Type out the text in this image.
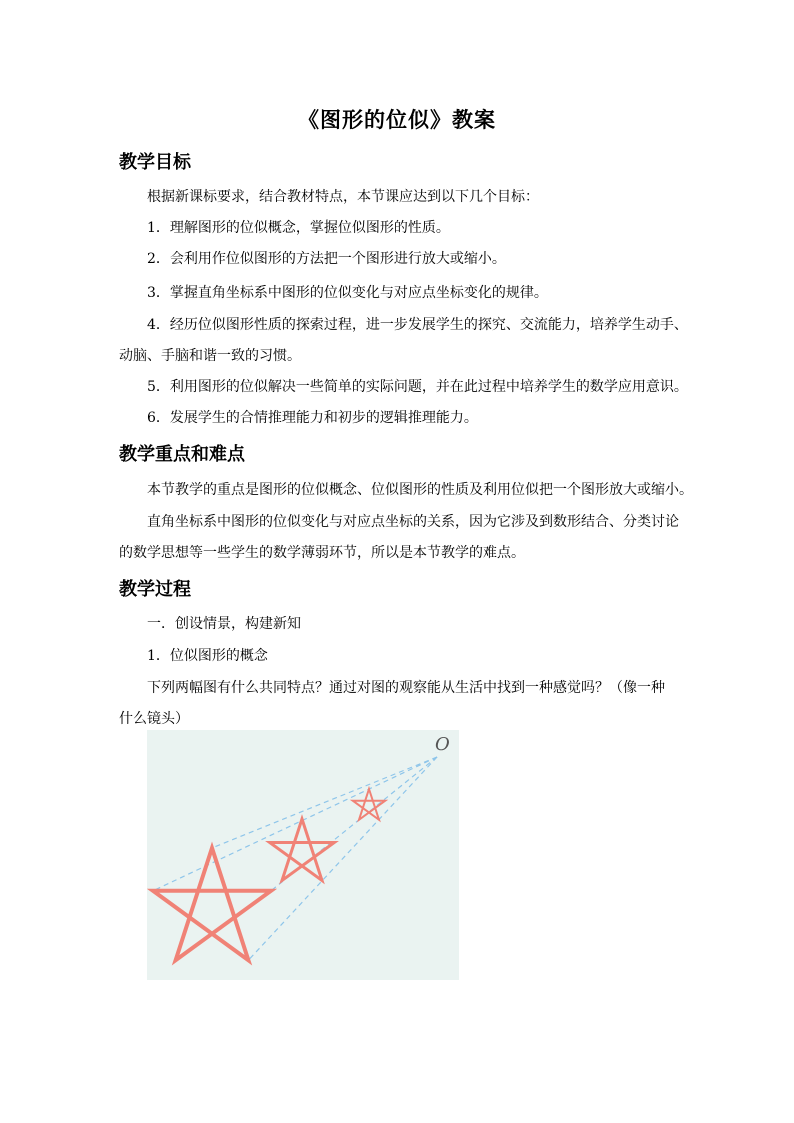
《图形的位似》教案
教学目标

根据新课标要求，结合教材特点，本节课应达到以下几个目标：

1．理解图形的位似概念，掌握位似图形的性质。

2．会利用作位似图形的方法把一个图形进行放大或缩小。

3．掌握直角坐标系中图形的位似变化与对应点坐标变化的规律。

4．经历位似图形性质的探索过程，进一步发展学生的探究、交流能力，培养学生动手、

动脑、手脑和谐一致的习惯。

5．利用图形的位似解决一些简单的实际问题，并在此过程中培养学生的数学应用意识。

6．发展学生的合情推理能力和初步的逻辑推理能力。

教学重点和难点

本节教学的重点是图形的位似概念、位似图形的性质及利用位似把一个图形放大或缩小。

直角坐标系中图形的位似变化与对应点坐标的关系，因为它涉及到数形结合、分类讨论

的数学思想等一些学生的数学薄弱环节，所以是本节教学的难点。

教学过程

一．创设情景，构建新知

1．位似图形的概念

下列两幅图有什么共同特点？通过对图的观察能从生活中找到一种感觉吗？（像一种

什么镜头）

O
